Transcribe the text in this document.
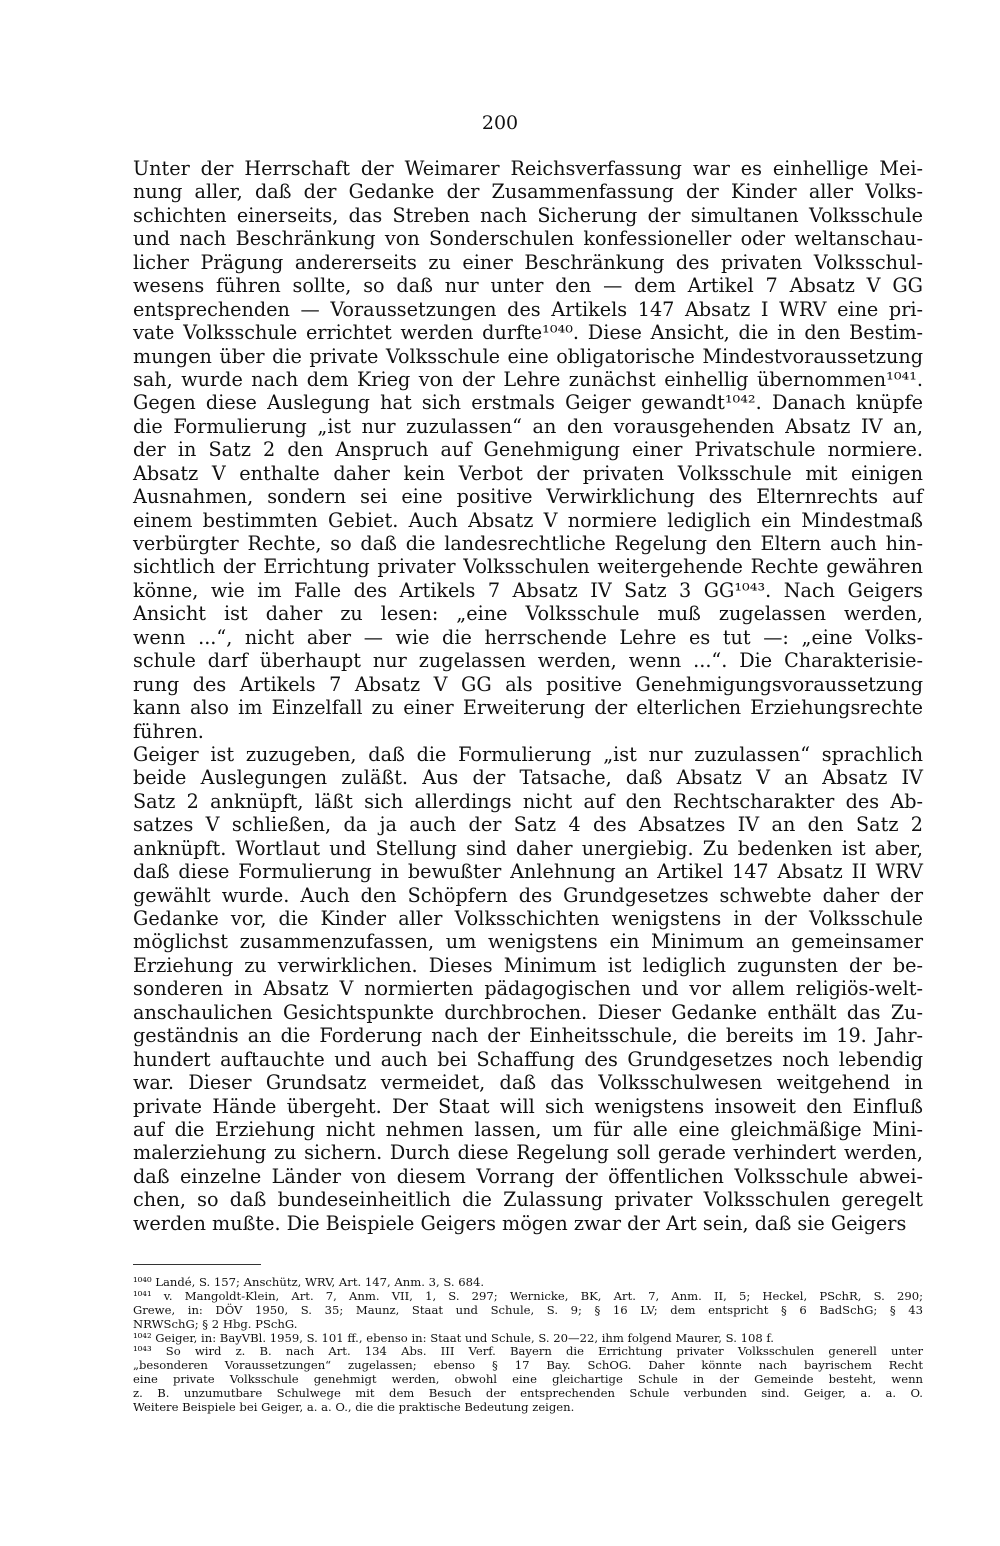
200
Unter der Herrschaft der Weimarer Reichsverfassung war es einhellige Mei-
nung aller, daß der Gedanke der Zusammenfassung der Kinder aller Volks-
schichten einerseits, das Streben nach Sicherung der simultanen Volksschule
und nach Beschränkung von Sonderschulen konfessioneller oder weltanschau-
licher Prägung andererseits zu einer Beschränkung des privaten Volksschul-
wesens führen sollte, so daß nur unter den — dem Artikel 7 Absatz V GG
entsprechenden — Voraussetzungen des Artikels 147 Absatz I WRV eine pri-
vate Volksschule errichtet werden durfte¹⁰⁴⁰. Diese Ansicht, die in den Bestim-
mungen über die private Volksschule eine obligatorische Mindestvoraussetzung
sah, wurde nach dem Krieg von der Lehre zunächst einhellig übernommen¹⁰⁴¹.
Gegen diese Auslegung hat sich erstmals Geiger gewandt¹⁰⁴². Danach knüpfe
die Formulierung „ist nur zuzulassen“ an den vorausgehenden Absatz IV an,
der in Satz 2 den Anspruch auf Genehmigung einer Privatschule normiere.
Absatz V enthalte daher kein Verbot der privaten Volksschule mit einigen
Ausnahmen, sondern sei eine positive Verwirklichung des Elternrechts auf
einem bestimmten Gebiet. Auch Absatz V normiere lediglich ein Mindestmaß
verbürgter Rechte, so daß die landesrechtliche Regelung den Eltern auch hin-
sichtlich der Errichtung privater Volksschulen weitergehende Rechte gewähren
könne, wie im Falle des Artikels 7 Absatz IV Satz 3 GG¹⁰⁴³. Nach Geigers
Ansicht ist daher zu lesen: „eine Volksschule muß zugelassen werden,
wenn ...“, nicht aber — wie die herrschende Lehre es tut —: „eine Volks-
schule darf überhaupt nur zugelassen werden, wenn ...“. Die Charakterisie-
rung des Artikels 7 Absatz V GG als positive Genehmigungsvoraussetzung
kann also im Einzelfall zu einer Erweiterung der elterlichen Erziehungsrechte
führen.
Geiger ist zuzugeben, daß die Formulierung „ist nur zuzulassen“ sprachlich
beide Auslegungen zuläßt. Aus der Tatsache, daß Absatz V an Absatz IV
Satz 2 anknüpft, läßt sich allerdings nicht auf den Rechtscharakter des Ab-
satzes V schließen, da ja auch der Satz 4 des Absatzes IV an den Satz 2
anknüpft. Wortlaut und Stellung sind daher unergiebig. Zu bedenken ist aber,
daß diese Formulierung in bewußter Anlehnung an Artikel 147 Absatz II WRV
gewählt wurde. Auch den Schöpfern des Grundgesetzes schwebte daher der
Gedanke vor, die Kinder aller Volksschichten wenigstens in der Volksschule
möglichst zusammenzufassen, um wenigstens ein Minimum an gemeinsamer
Erziehung zu verwirklichen. Dieses Minimum ist lediglich zugunsten der be-
sonderen in Absatz V normierten pädagogischen und vor allem religiös-welt-
anschaulichen Gesichtspunkte durchbrochen. Dieser Gedanke enthält das Zu-
geständnis an die Forderung nach der Einheitsschule, die bereits im 19. Jahr-
hundert auftauchte und auch bei Schaffung des Grundgesetzes noch lebendig
war. Dieser Grundsatz vermeidet, daß das Volksschulwesen weitgehend in
private Hände übergeht. Der Staat will sich wenigstens insoweit den Einfluß
auf die Erziehung nicht nehmen lassen, um für alle eine gleichmäßige Mini-
malerziehung zu sichern. Durch diese Regelung soll gerade verhindert werden,
daß einzelne Länder von diesem Vorrang der öffentlichen Volksschule abwei-
chen, so daß bundeseinheitlich die Zulassung privater Volksschulen geregelt
werden mußte. Die Beispiele Geigers mögen zwar der Art sein, daß sie Geigers
¹⁰⁴⁰ Landé, S. 157; Anschütz, WRV, Art. 147, Anm. 3, S. 684.
¹⁰⁴¹ v. Mangoldt-Klein, Art. 7, Anm. VII, 1, S. 297; Wernicke, BK, Art. 7, Anm. II, 5; Heckel, PSchR, S. 290;
Grewe, in: DÖV 1950, S. 35; Maunz, Staat und Schule, S. 9; § 16 LV; dem entspricht § 6 BadSchG; § 43
NRWSchG; § 2 Hbg. PSchG.
¹⁰⁴² Geiger, in: BayVBl. 1959, S. 101 ff., ebenso in: Staat und Schule, S. 20—22, ihm folgend Maurer, S. 108 f.
¹⁰⁴³ So wird z. B. nach Art. 134 Abs. III Verf. Bayern die Errichtung privater Volksschulen generell unter
„besonderen Voraussetzungen“ zugelassen; ebenso § 17 Bay. SchOG. Daher könnte nach bayrischem Recht
eine private Volksschule genehmigt werden, obwohl eine gleichartige Schule in der Gemeinde besteht, wenn
z. B. unzumutbare Schulwege mit dem Besuch der entsprechenden Schule verbunden sind. Geiger, a. a. O.
Weitere Beispiele bei Geiger, a. a. O., die die praktische Bedeutung zeigen.
